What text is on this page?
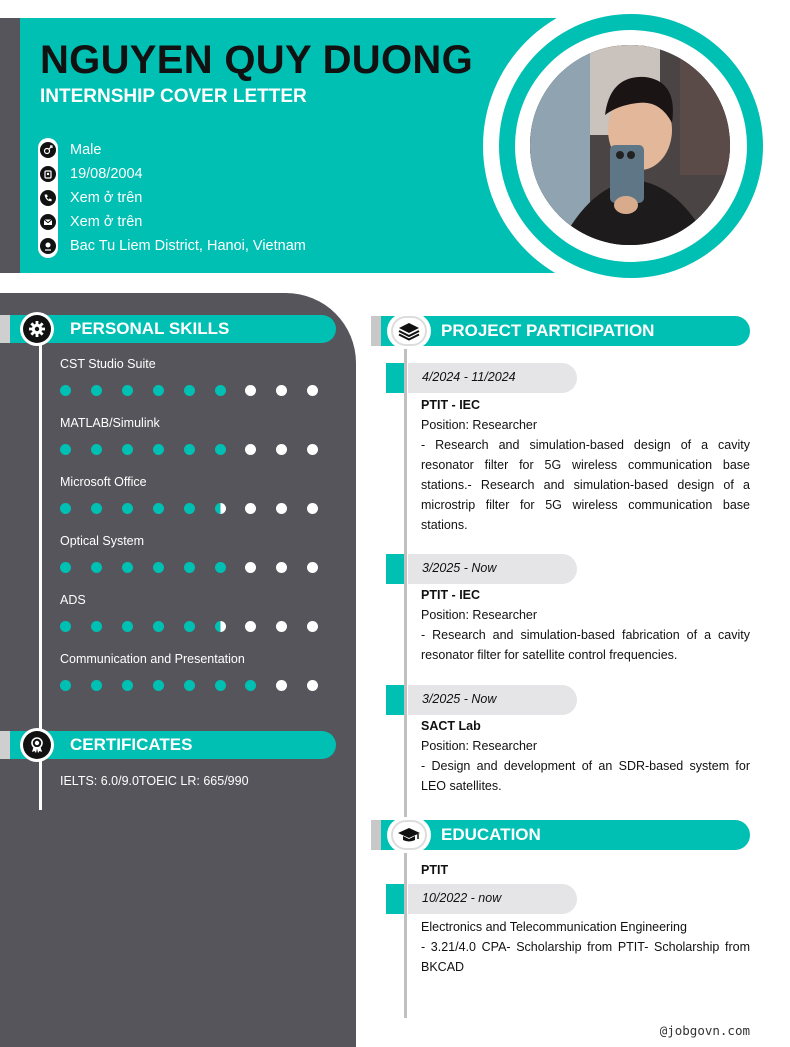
NGUYEN QUY DUONG
INTERNSHIP COVER LETTER
Male
19/08/2004
Xem ở trên
Xem ở trên
Bac Tu Liem District, Hanoi, Vietnam
PERSONAL SKILLS
CST Studio Suite
MATLAB/Simulink
Microsoft Office
Optical System
ADS
Communication and Presentation
CERTIFICATES
IELTS: 6.0/9.0TOEIC LR: 665/990
PROJECT PARTICIPATION
4/2024 - 11/2024
PTIT - IEC
Position: Researcher
- Research and simulation-based design of a cavity resonator filter for 5G wireless communication base stations.- Research and simulation-based design of a microstrip filter for 5G wireless communication base stations.
3/2025 - Now
PTIT - IEC
Position: Researcher
- Research and simulation-based fabrication of a cavity resonator filter for satellite control frequencies.
3/2025 - Now
SACT Lab
Position: Researcher
- Design and development of an SDR-based system for LEO satellites.
EDUCATION
PTIT
10/2022 - now
Electronics and Telecommunication Engineering
- 3.21/4.0 CPA- Scholarship from PTIT- Scholarship from BKCAD
@jobgovn.com
